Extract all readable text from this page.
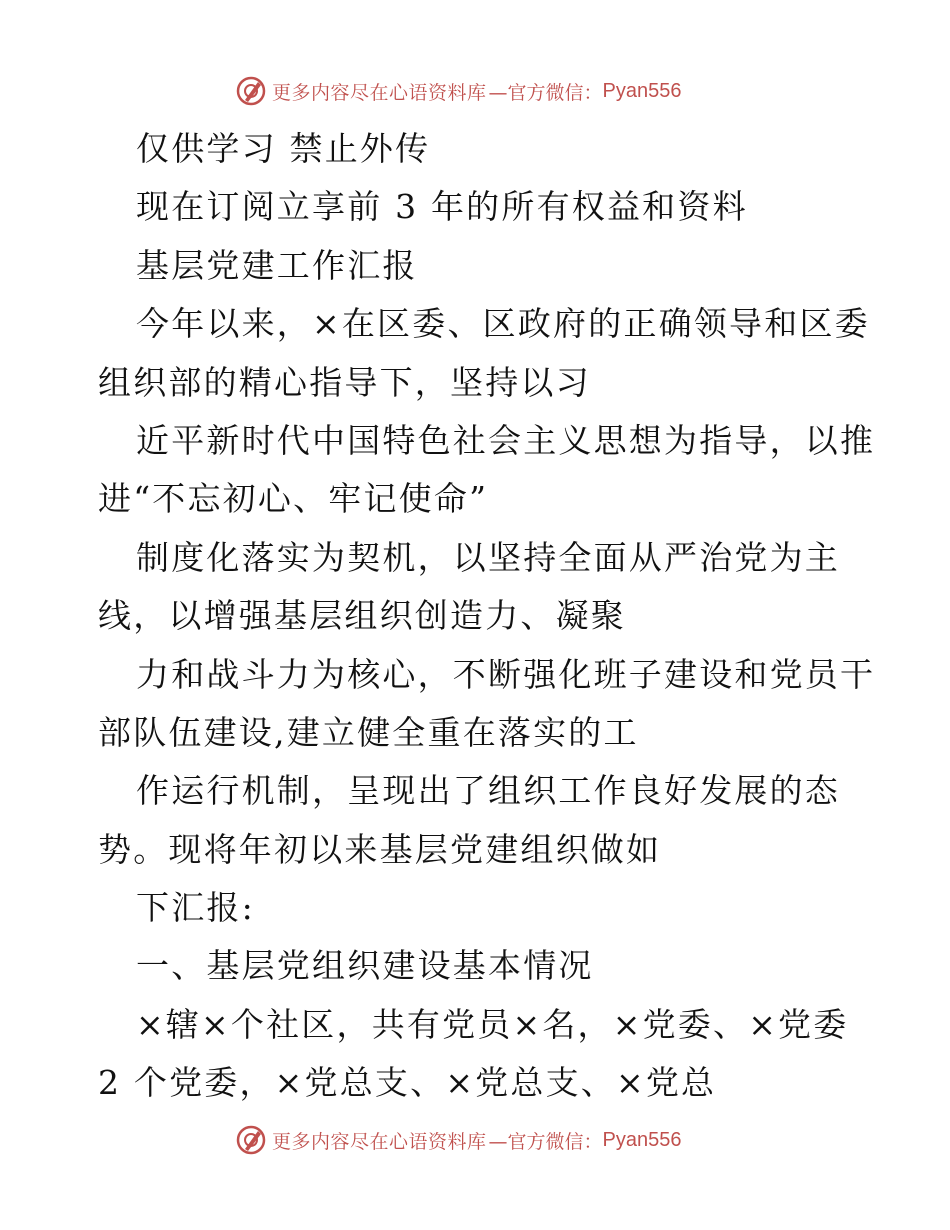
更多内容尽在心语资料库 —官方微信： Pyan556
仅供学习 禁止外传
现在订阅立享前 3 年的所有权益和资料
基层党建工作汇报
今年以来，×在区委、区政府的正确领导和区委
组织部的精心指导下，坚持以习
近平新时代中国特色社会主义思想为指导，以推
进“不忘初心、牢记使命”
制度化落实为契机，以坚持全面从严治党为主
线，以增强基层组织创造力、凝聚
力和战斗力为核心，不断强化班子建设和党员干
部队伍建设,建立健全重在落实的工
作运行机制，呈现出了组织工作良好发展的态
势。现将年初以来基层党建组织做如
下汇报:
一、基层党组织建设基本情况
×辖×个社区，共有党员×名，×党委、×党委
2 个党委，×党总支、×党总支、×党总
更多内容尽在心语资料库 —官方微信： Pyan556
